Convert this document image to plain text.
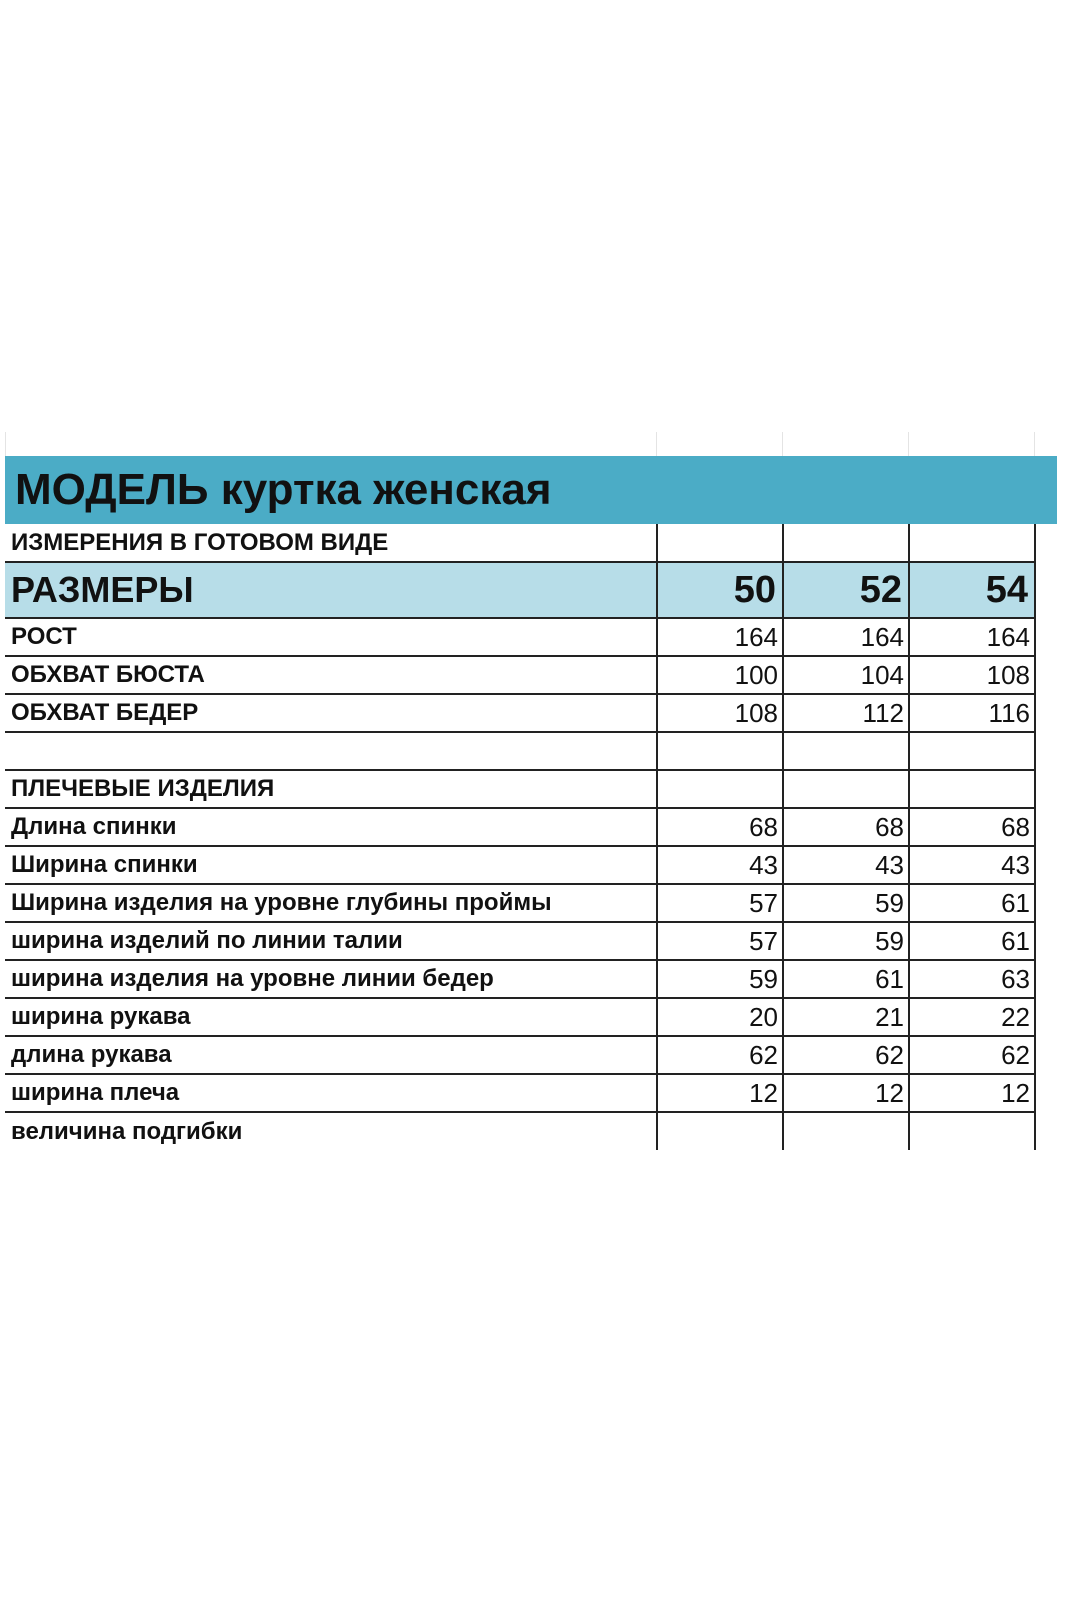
МОДЕЛЬ куртка женская
ИЗМЕРЕНИЯ В ГОТОВОМ ВИДЕ			
РАЗМЕРЫ	50	52	54
РОСТ	164	164	164
ОБХВАТ БЮСТА	100	104	108
ОБХВАТ БЕДЕР	108	112	116

ПЛЕЧЕВЫЕ ИЗДЕЛИЯ			
Длина спинки	68	68	68
Ширина спинки	43	43	43
Ширина изделия на уровне глубины проймы	57	59	61
ширина изделий по линии талии	57	59	61
ширина изделия на уровне линии бедер	59	61	63
ширина рукава	20	21	22
длина рукава	62	62	62
ширина плеча	12	12	12
величина подгибки			
